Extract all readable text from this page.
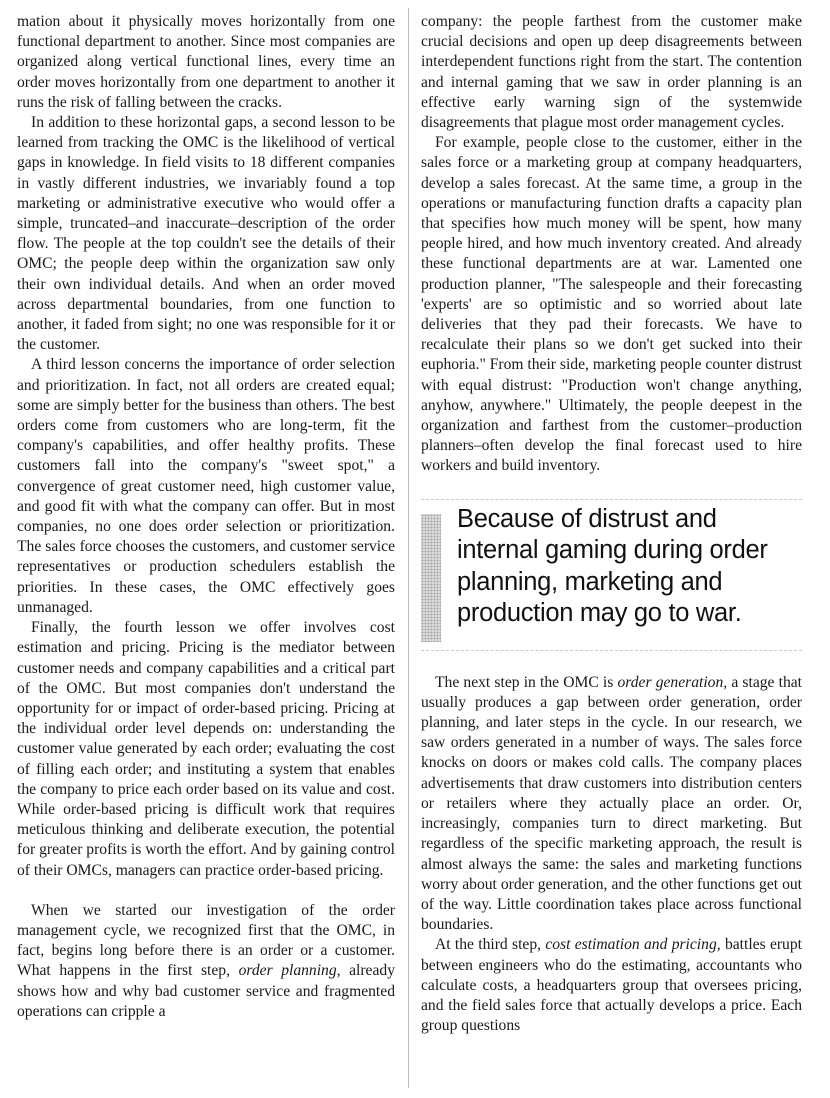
mation about it physically moves horizontally from one functional department to another. Since most companies are organized along vertical functional lines, every time an order moves horizontally from one department to another it runs the risk of falling between the cracks.

In addition to these horizontal gaps, a second lesson to be learned from tracking the OMC is the likelihood of vertical gaps in knowledge. In field visits to 18 different companies in vastly different industries, we invariably found a top marketing or administrative executive who would offer a simple, truncated–and inaccurate–description of the order flow. The people at the top couldn't see the details of their OMC; the people deep within the organization saw only their own individual details. And when an order moved across departmental boundaries, from one function to another, it faded from sight; no one was responsible for it or the customer.

A third lesson concerns the importance of order selection and prioritization. In fact, not all orders are created equal; some are simply better for the business than others. The best orders come from customers who are long-term, fit the company's capabilities, and offer healthy profits. These customers fall into the company's "sweet spot," a convergence of great customer need, high customer value, and good fit with what the company can offer. But in most companies, no one does order selection or prioritization. The sales force chooses the customers, and customer service representatives or production schedulers establish the priorities. In these cases, the OMC effectively goes unmanaged.

Finally, the fourth lesson we offer involves cost estimation and pricing. Pricing is the mediator between customer needs and company capabilities and a critical part of the OMC. But most companies don't understand the opportunity for or impact of order-based pricing. Pricing at the individual order level depends on: understanding the customer value generated by each order; evaluating the cost of filling each order; and instituting a system that enables the company to price each order based on its value and cost. While order-based pricing is difficult work that requires meticulous thinking and deliberate execution, the potential for greater profits is worth the effort. And by gaining control of their OMCs, managers can practice order-based pricing.

When we started our investigation of the order management cycle, we recognized first that the OMC, in fact, begins long before there is an order or a customer. What happens in the first step, order planning, already shows how and why bad customer service and fragmented operations can cripple a

company: the people farthest from the customer make crucial decisions and open up deep disagreements between interdependent functions right from the start. The contention and internal gaming that we saw in order planning is an effective early warning sign of the systemwide disagreements that plague most order management cycles.

For example, people close to the customer, either in the sales force or a marketing group at company headquarters, develop a sales forecast. At the same time, a group in the operations or manufacturing function drafts a capacity plan that specifies how much money will be spent, how many people hired, and how much inventory created. And already these functional departments are at war. Lamented one production planner, "The salespeople and their forecasting 'experts' are so optimistic and so worried about late deliveries that they pad their forecasts. We have to recalculate their plans so we don't get sucked into their euphoria." From their side, marketing people counter distrust with equal distrust: "Production won't change anything, anyhow, anywhere." Ultimately, the people deepest in the organization and farthest from the customer–production planners–often develop the final forecast used to hire workers and build inventory.

Because of distrust and internal gaming during order planning, marketing and production may go to war.

The next step in the OMC is order generation, a stage that usually produces a gap between order generation, order planning, and later steps in the cycle. In our research, we saw orders generated in a number of ways. The sales force knocks on doors or makes cold calls. The company places advertisements that draw customers into distribution centers or retailers where they actually place an order. Or, increasingly, companies turn to direct marketing. But regardless of the specific marketing approach, the result is almost always the same: the sales and marketing functions worry about order generation, and the other functions get out of the way. Little coordination takes place across functional boundaries.

At the third step, cost estimation and pricing, battles erupt between engineers who do the estimating, accountants who calculate costs, a headquarters group that oversees pricing, and the field sales force that actually develops a price. Each group questions
